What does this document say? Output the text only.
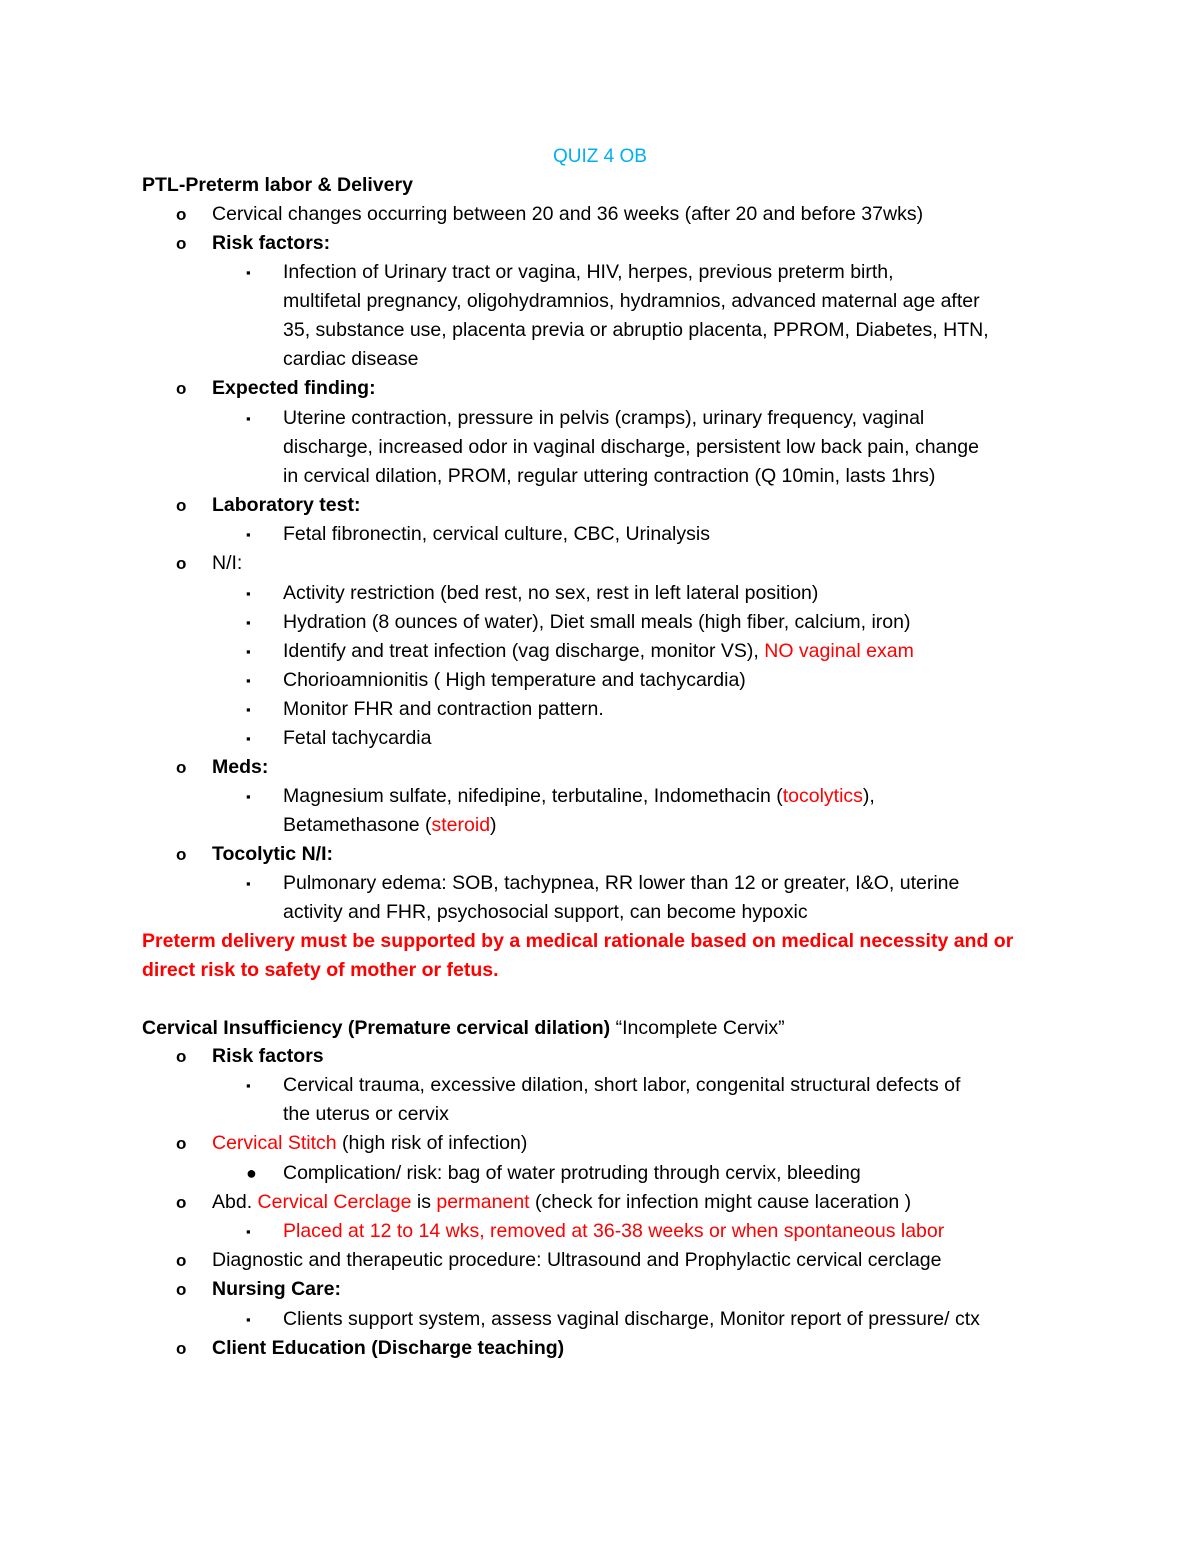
QUIZ 4 OB
PTL-Preterm labor & Delivery
o Cervical changes occurring between 20 and 36 weeks (after 20 and before 37wks)
o Risk factors:
▪ Infection of Urinary tract or vagina, HIV, herpes, previous preterm birth,
multifetal pregnancy, oligohydramnios, hydramnios, advanced maternal age after
35, substance use, placenta previa or abruptio placenta, PPROM, Diabetes, HTN,
cardiac disease
o Expected finding:
▪ Uterine contraction, pressure in pelvis (cramps), urinary frequency, vaginal
discharge, increased odor in vaginal discharge, persistent low back pain, change
in cervical dilation, PROM, regular uttering contraction (Q 10min, lasts 1hrs)
o Laboratory test:
▪ Fetal fibronectin, cervical culture, CBC, Urinalysis
o N/I:
▪ Activity restriction (bed rest, no sex, rest in left lateral position)
▪ Hydration (8 ounces of water), Diet small meals (high fiber, calcium, iron)
▪ Identify and treat infection (vag discharge, monitor VS), NO vaginal exam
▪ Chorioamnionitis ( High temperature and tachycardia)
▪ Monitor FHR and contraction pattern.
▪ Fetal tachycardia
o Meds:
▪ Magnesium sulfate, nifedipine, terbutaline, Indomethacin (tocolytics),
Betamethasone (steroid)
o Tocolytic N/I:
▪ Pulmonary edema: SOB, tachypnea, RR lower than 12 or greater, I&O, uterine
activity and FHR, psychosocial support, can become hypoxic
Preterm delivery must be supported by a medical rationale based on medical necessity and or
direct risk to safety of mother or fetus.
Cervical Insufficiency (Premature cervical dilation) “Incomplete Cervix”
o Risk factors
▪ Cervical trauma, excessive dilation, short labor, congenital structural defects of
the uterus or cervix
o Cervical Stitch (high risk of infection)
● Complication/ risk: bag of water protruding through cervix, bleeding
o Abd. Cervical Cerclage is permanent (check for infection might cause laceration )
▪ Placed at 12 to 14 wks, removed at 36-38 weeks or when spontaneous labor
o Diagnostic and therapeutic procedure: Ultrasound and Prophylactic cervical cerclage
o Nursing Care:
▪ Clients support system, assess vaginal discharge, Monitor report of pressure/ ctx
o Client Education (Discharge teaching)
